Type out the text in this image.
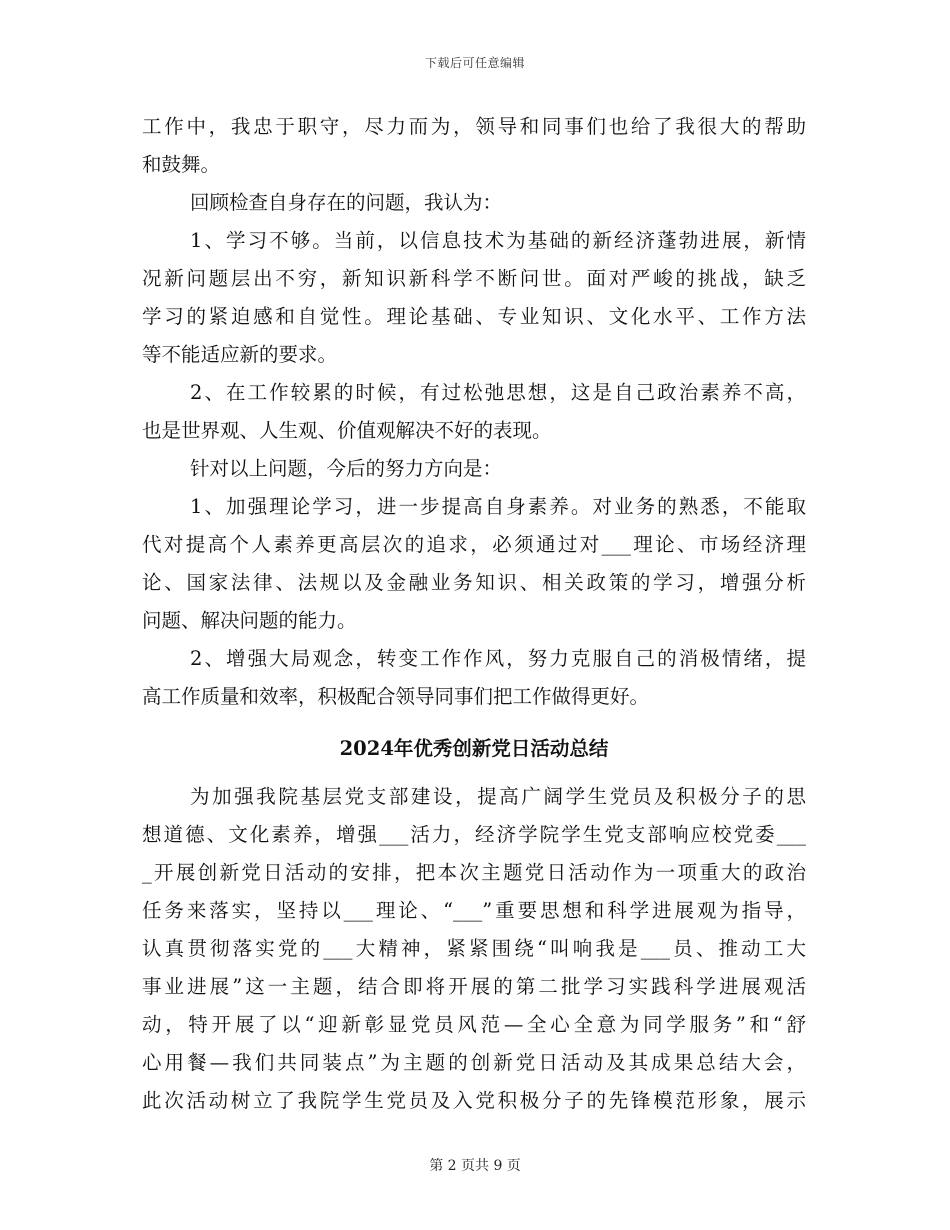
下载后可任意编辑
工作中，我忠于职守，尽力而为，领导和同事们也给了我很大的帮助
和鼓舞。
回顾检查自身存在的问题，我认为：
1、学习不够。当前，以信息技术为基础的新经济蓬勃进展，新情
况新问题层出不穷，新知识新科学不断问世。面对严峻的挑战，缺乏
学习的紧迫感和自觉性。理论基础、专业知识、文化水平、工作方法
等不能适应新的要求。
2、在工作较累的时候，有过松弛思想，这是自己政治素养不高，
也是世界观、人生观、价值观解决不好的表现。
针对以上问题，今后的努力方向是：
1、加强理论学习，进一步提高自身素养。对业务的熟悉，不能取
代对提高个人素养更高层次的追求，必须通过对___理论、市场经济理
论、国家法律、法规以及金融业务知识、相关政策的学习，增强分析
问题、解决问题的能力。
2、增强大局观念，转变工作作风，努力克服自己的消极情绪，提
高工作质量和效率，积极配合领导同事们把工作做得更好。
2024年优秀创新党日活动总结
为加强我院基层党支部建设，提高广阔学生党员及积极分子的思
想道德、文化素养，增强___活力，经济学院学生党支部响应校党委___
_开展创新党日活动的安排，把本次主题党日活动作为一项重大的政治
任务来落实，坚持以___理论、“___”重要思想和科学进展观为指导，
认真贯彻落实党的___大精神，紧紧围绕“叫响我是___员、推动工大
事业进展”这一主题，结合即将开展的第二批学习实践科学进展观活
动，特开展了以“迎新彰显党员风范—全心全意为同学服务”和“舒
心用餐—我们共同装点”为主题的创新党日活动及其成果总结大会，
此次活动树立了我院学生党员及入党积极分子的先锋模范形象，展示
第 2 页共 9 页
